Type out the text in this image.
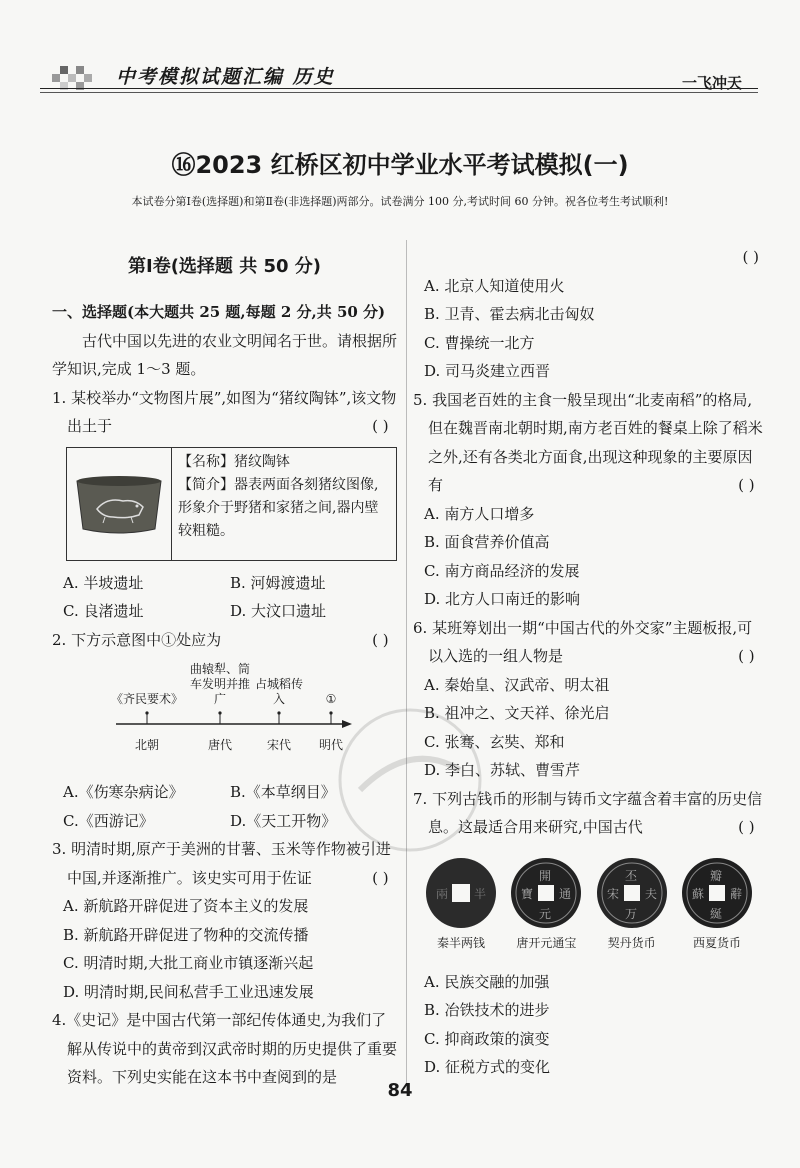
中考模拟试题汇编 历史	一飞冲天
⑯2023 红桥区初中学业水平考试模拟(一)
本试卷分第Ⅰ卷(选择题)和第Ⅱ卷(非选择题)两部分。试卷满分 100 分,考试时间 60 分钟。祝各位考生考试顺利!
第Ⅰ卷(选择题 共 50 分)

一、选择题(本大题共 25 题,每题 2 分,共 50 分)

古代中国以先进的农业文明闻名于世。请根据所学知识,完成 1～3 题。

1. 某校举办“文物图片展”,如图为“猪纹陶钵”,该文物出土于	( )

【名称】猪纹陶钵
【简介】器表两面各刻猪纹图像,形象介于野猪和家猪之间,器内壁较粗糙。
A. 半坡遗址	B. 河姆渡遗址
C. 良渚遗址	D. 大汶口遗址

2. 下方示意图中①处应为	( )

《齐民要术》
曲辕犁、筒车发明并推广
占城稻传入	①
北朝	唐代	宋代	明代
A.《伤寒杂病论》	B.《本草纲目》
C.《西游记》	D.《天工开物》

3. 明清时期,原产于美洲的甘薯、玉米等作物被引进中国,并逐渐推广。该史实可用于佐证	( )

A. 新航路开辟促进了资本主义的发展

B. 新航路开辟促进了物种的交流传播

C. 明清时期,大批工商业市镇逐渐兴起

D. 明清时期,民间私营手工业迅速发展

4.《史记》是中国古代第一部纪传体通史,为我们了解从传说中的黄帝到汉武帝时期的历史提供了重要资料。下列史实能在这本书中查阅到的是

( )

A. 北京人知道使用火

B. 卫青、霍去病北击匈奴

C. 曹操统一北方

D. 司马炎建立西晋

5. 我国老百姓的主食一般呈现出“北麦南稻”的格局,但在魏晋南北朝时期,南方老百姓的餐桌上除了稻米之外,还有各类北方面食,出现这种现象的主要原因有	( )

A. 南方人口增多

B. 面食营养价值高

C. 南方商品经济的发展

D. 北方人口南迁的影响

6. 某班筹划出一期“中国古代的外交家”主题板报,可以入选的一组人物是	( )

A. 秦始皇、汉武帝、明太祖

B. 祖冲之、文天祥、徐光启

C. 张骞、玄奘、郑和

D. 李白、苏轼、曹雪芹

7. 下列古钱币的形制与铸币文字蕴含着丰富的历史信息。这最适合用来研究,中国古代	( )

兩 半
秦半两钱
開
元
寶 通
唐开元通宝
丕
万
宋 夫
契丹货币
瓣
綖
蘇 辭
西夏货币

A. 民族交融的加强

B. 冶铁技术的进步

C. 抑商政策的演变

D. 征税方式的变化

84
